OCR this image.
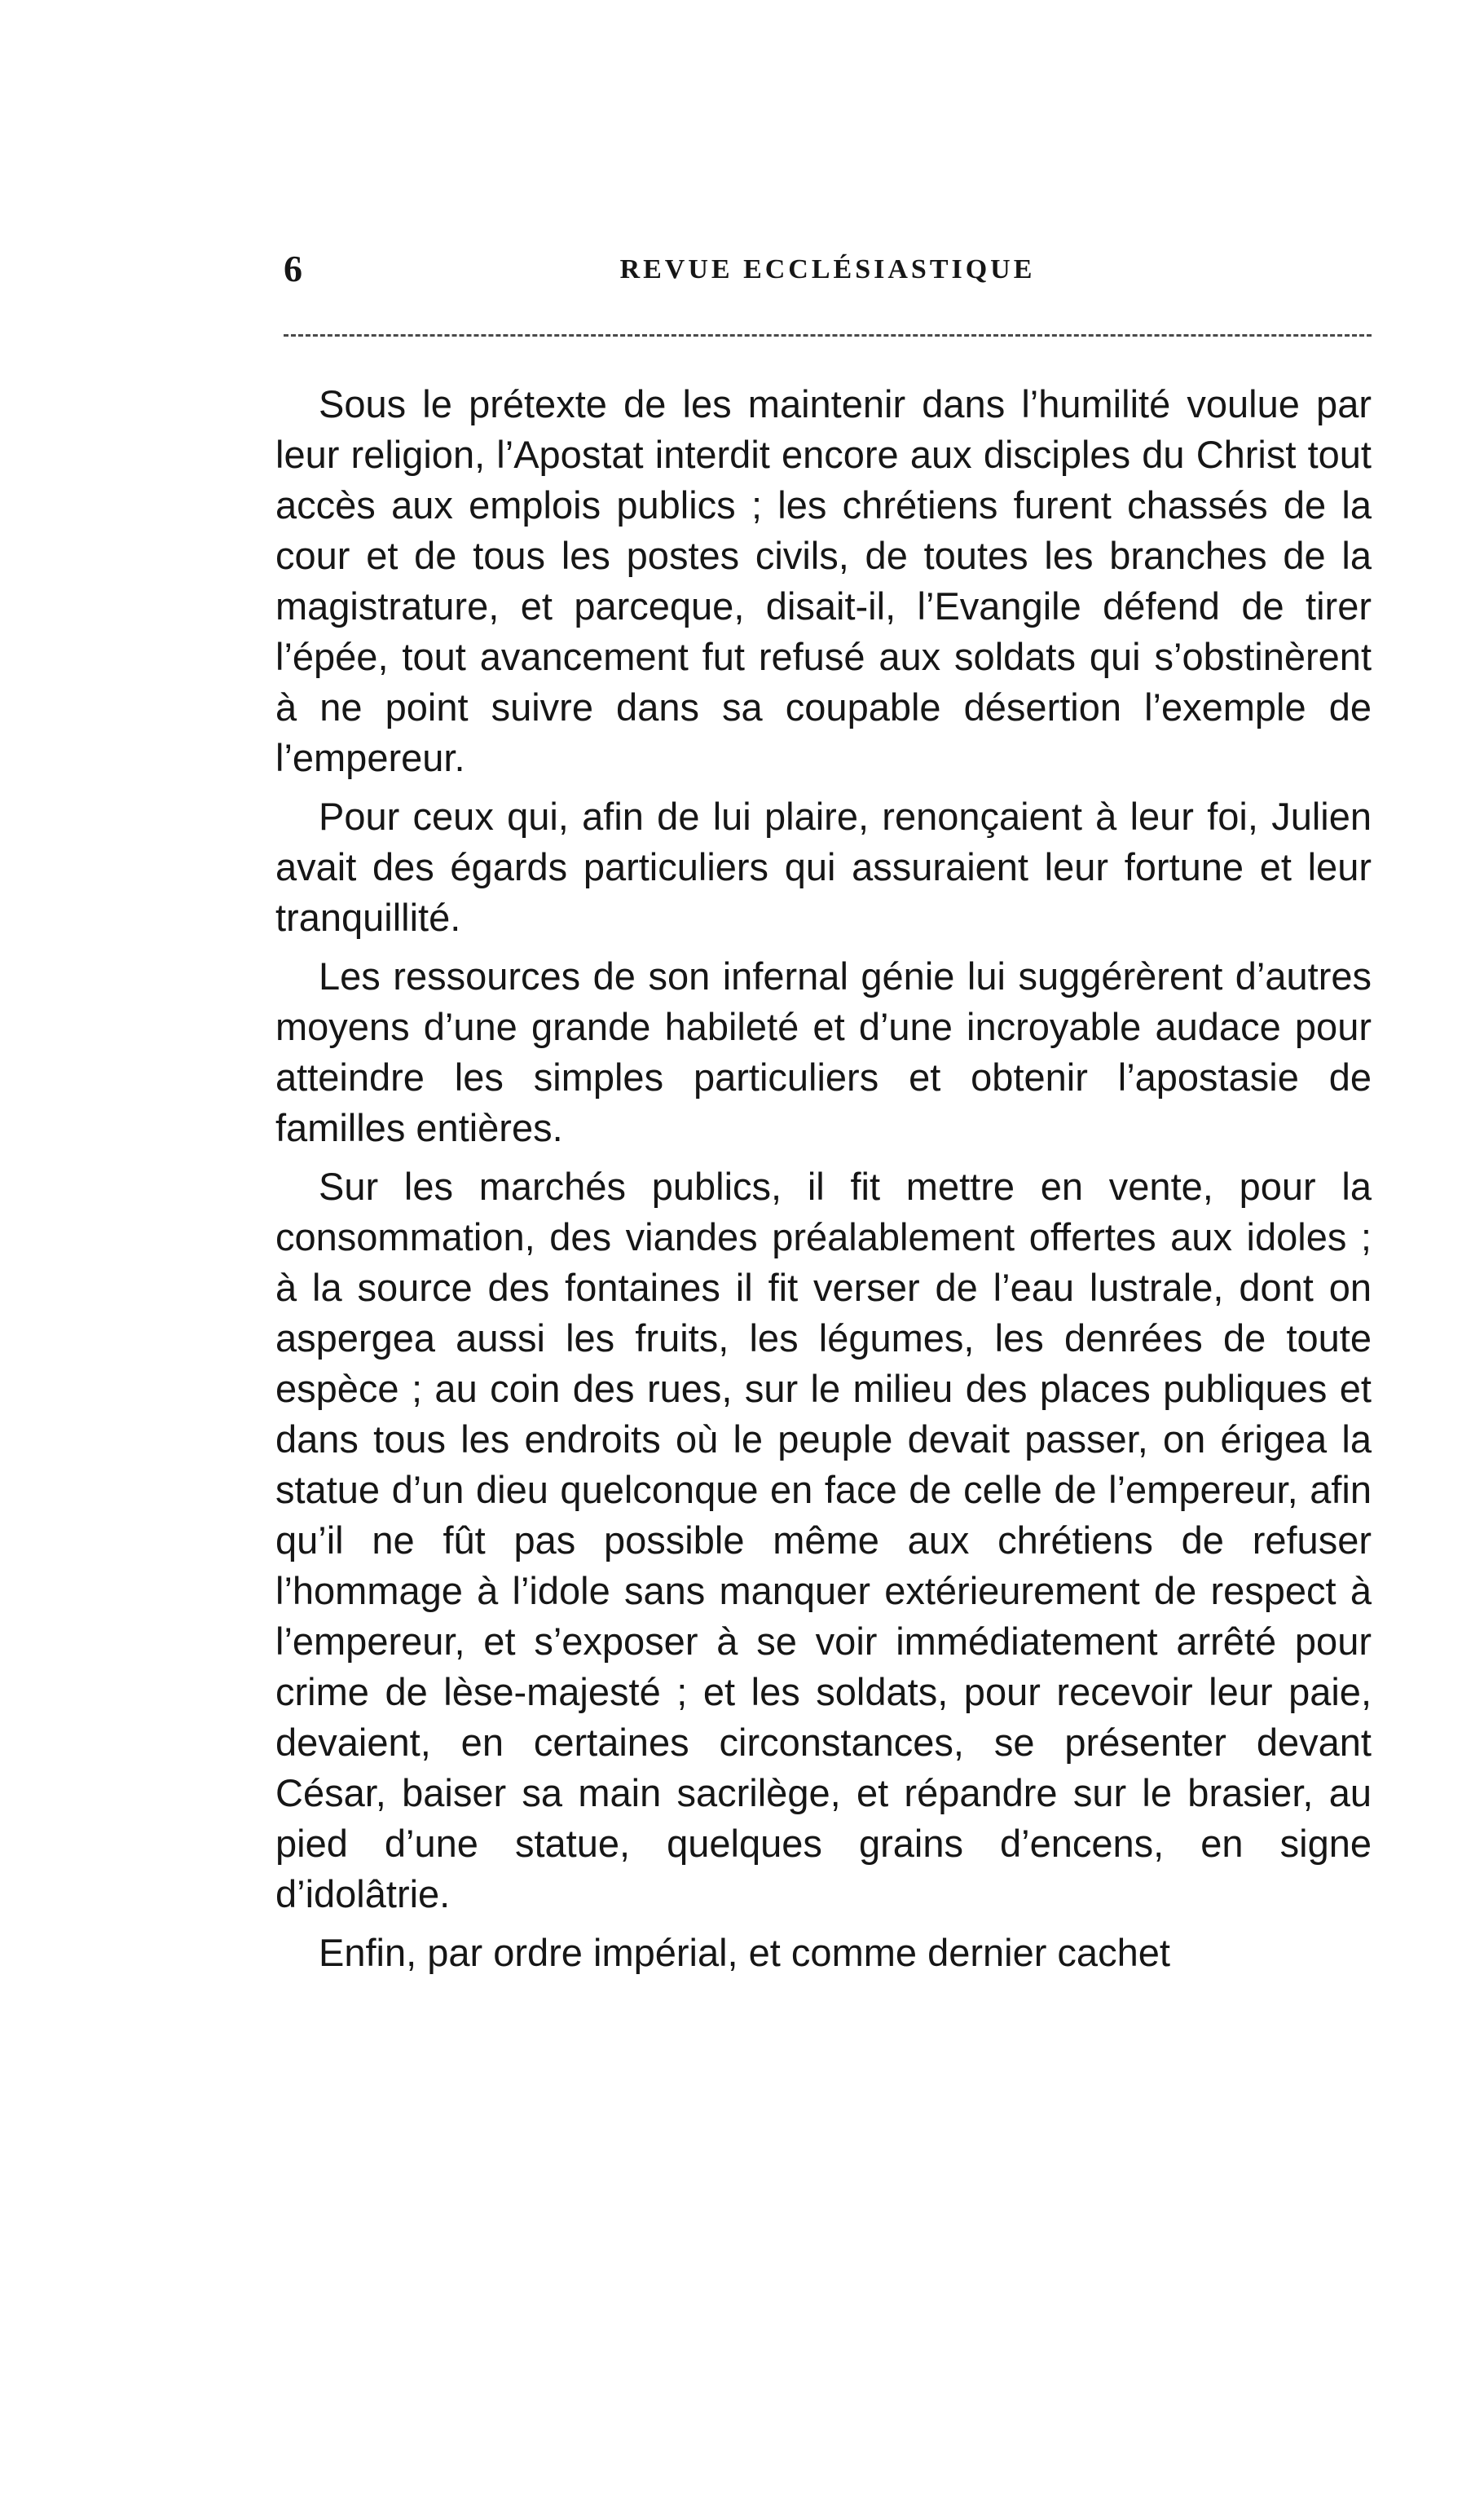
6	REVUE ECCLÉSIASTIQUE

Sous le prétexte de les maintenir dans l’humilité voulue par leur religion, l’Apostat interdit encore aux disciples du Christ tout accès aux emplois publics ; les chrétiens furent chassés de la cour et de tous les postes civils, de toutes les branches de la magistrature, et parceque, disait-il, l’Evangile défend de tirer l’épée, tout avancement fut refusé aux soldats qui s’obstinèrent à ne point suivre dans sa coupable désertion l’exemple de l’empereur.

Pour ceux qui, afin de lui plaire, renonçaient à leur foi, Julien avait des égards particuliers qui assuraient leur fortune et leur tranquillité.

Les ressources de son infernal génie lui suggérèrent d’autres moyens d’une grande habileté et d’une incroyable audace pour atteindre les simples particuliers et obtenir l’apostasie de familles entières.

Sur les marchés publics, il fit mettre en vente, pour la consommation, des viandes préalablement offertes aux idoles ; à la source des fontaines il fit verser de l’eau lustrale, dont on aspergea aussi les fruits, les légumes, les denrées de toute espèce ; au coin des rues, sur le milieu des places publiques et dans tous les endroits où le peuple devait passer, on érigea la statue d’un dieu quelconque en face de celle de l’empereur, afin qu’il ne fût pas possible même aux chrétiens de refuser l’hommage à l’idole sans manquer extérieurement de respect à l’empereur, et s’exposer à se voir immédiatement arrêté pour crime de lèse-majesté ; et les soldats, pour recevoir leur paie, devaient, en certaines circonstances, se présenter devant César, baiser sa main sacrilège, et répandre sur le brasier, au pied d’une statue, quelques grains d’encens, en signe d’idolâtrie.

Enfin, par ordre impérial, et comme dernier cachet
